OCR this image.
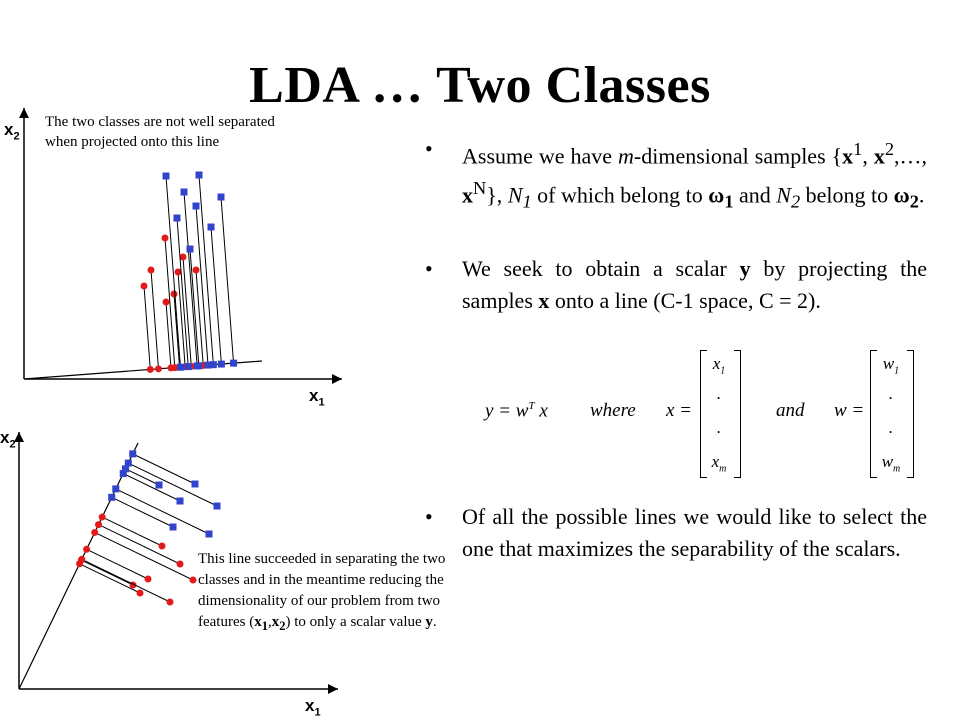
LDA … Two Classes
$x_2$
$x_1$
The two classes are not well separated when projected onto this line
$x_2$
$x_1$
This line succeeded in separating the two classes and in the meantime reducing the dimensionality of our problem from two features $(x_1,x_2)$ to only a scalar value y.
• Assume we have m-dimensional samples {$x^1$, $x^2,\dots$, $x^N$}, $N_1$ of which belong to $\omega_1$ and $N_2$ belong to $\omega_2$.
• We seek to obtain a scalar y by projecting the samples x onto a line (C-1 space, C = 2).
$y = w^T$ x where x =
$x_1$
.
.
$x_m$
and w =
$w_1$
.
.
$w_m$
• Of all the possible lines we would like to select the one that maximizes the separability of the scalars.
